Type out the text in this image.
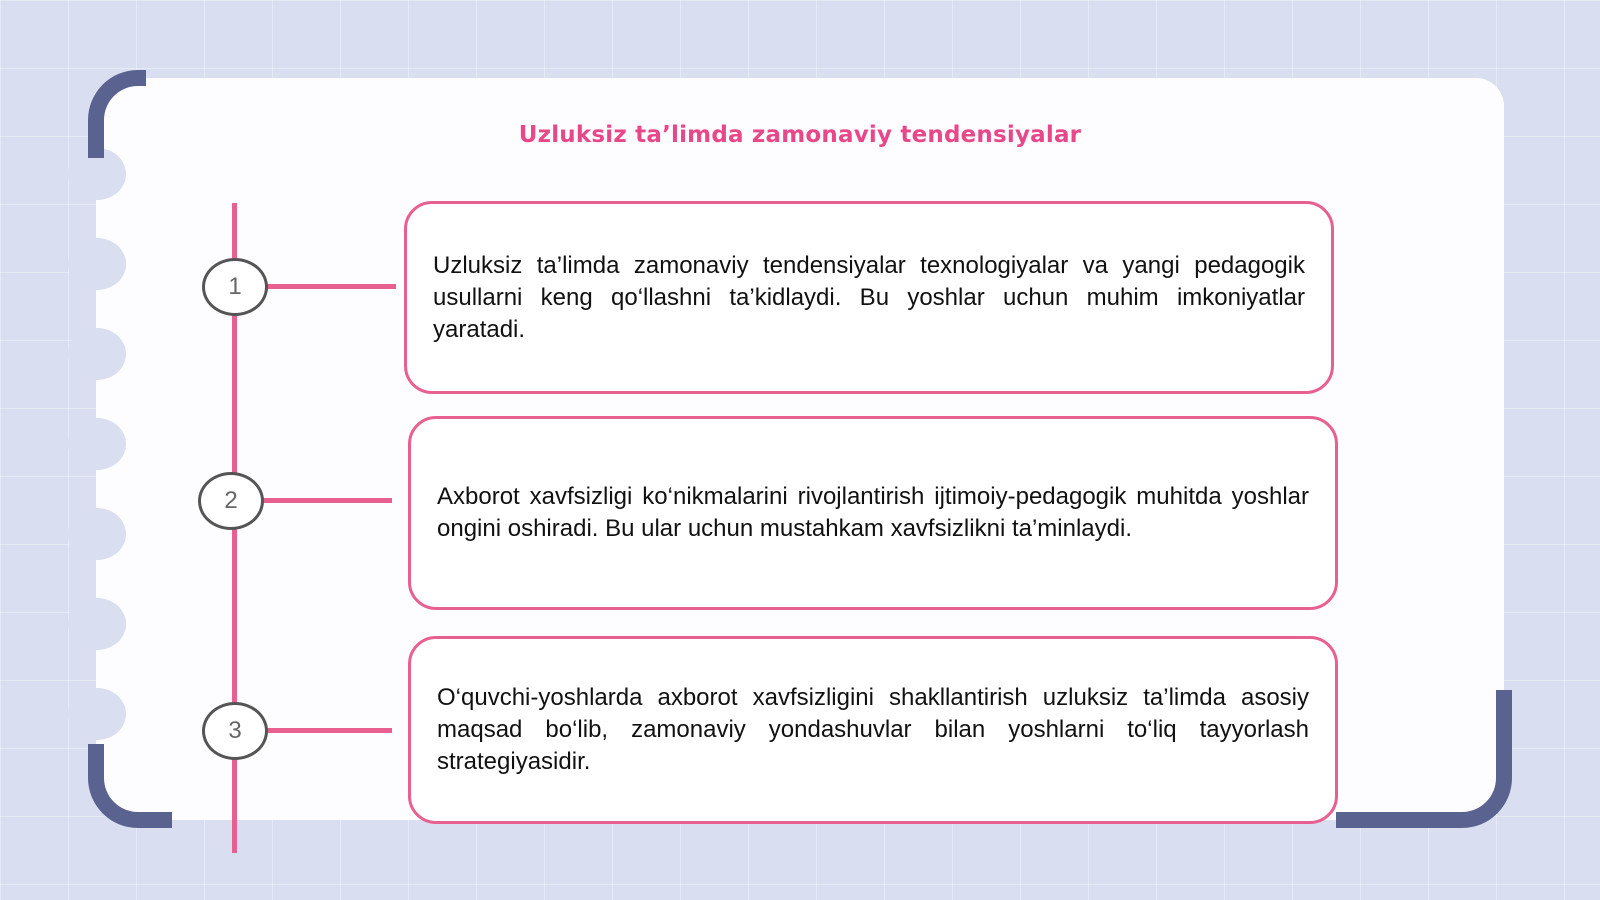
Uzluksiz ta’limda zamonaviy tendensiyalar
1

Uzluksiz ta’limda zamonaviy tendensiyalar texnologiyalar va yangi pedagogik usullarni keng qo‘llashni ta’kidlaydi. Bu yoshlar uchun muhim imkoniyatlar yaratadi.

2	Axborot xavfsizligi ko‘nikmalarini rivojlantirish ijtimoiy-pedagogik muhitda yoshlar ongini oshiradi. Bu ular uchun mustahkam xavfsizlikni ta’minlaydi.

3

O‘quvchi-yoshlarda axborot xavfsizligini shakllantirish uzluksiz ta’limda asosiy maqsad bo‘lib, zamonaviy yondashuvlar bilan yoshlarni to‘liq tayyorlash strategiyasidir.
